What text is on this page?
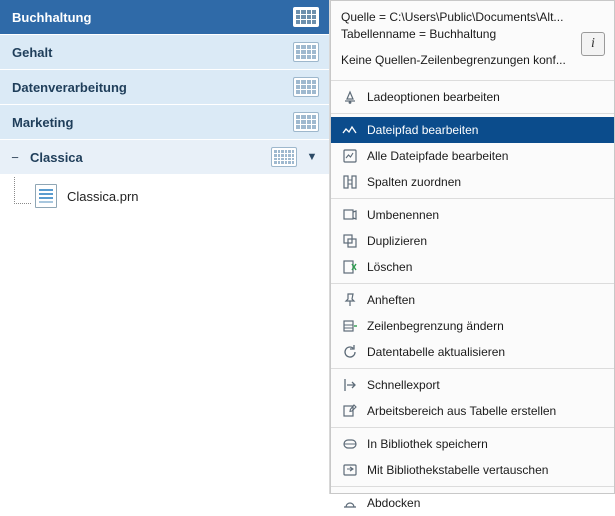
Buchhaltung
Gehalt
Datenverarbeitung
Marketing
− Classica	▼
Classica.prn
Quelle = C:\Users\Public\Documents\Alt...
Tabellenname = Buchhaltung
Keine Quellen-Zeilenbegrenzungen konf...
i
Ladeoptionen bearbeiten
Dateipfad bearbeiten
Alle Dateipfade bearbeiten
Spalten zuordnen
Umbenennen
Duplizieren
Löschen
Anheften
Zeilenbegrenzung ändern
Datentabelle aktualisieren
Schnellexport
Arbeitsbereich aus Tabelle erstellen
In Bibliothek speichern
Mit Bibliothekstabelle vertauschen
Abdocken
